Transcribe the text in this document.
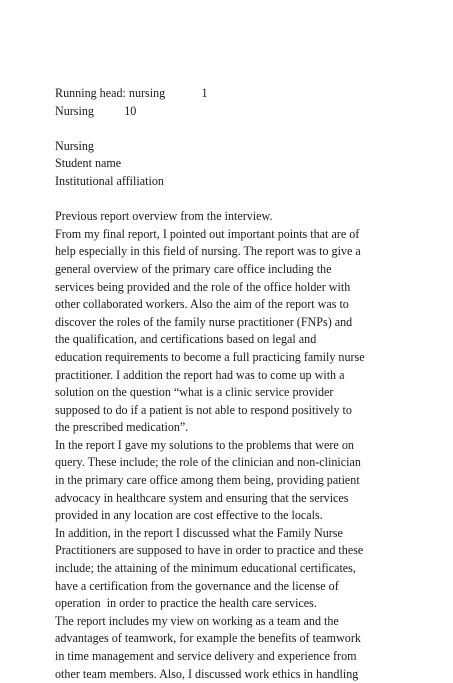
Running head: nursing            1
Nursing          10
Nursing
Student name
Institutional affiliation
Previous report overview from the interview.
From my final report, I pointed out important points that are of
help especially in this field of nursing. The report was to give a
general overview of the primary care office including the
services being provided and the role of the office holder with
other collaborated workers. Also the aim of the report was to
discover the roles of the family nurse practitioner (FNPs) and
the qualification, and certifications based on legal and
education requirements to become a full practicing family nurse
practitioner. I addition the report had was to come up with a
solution on the question “what is a clinic service provider
supposed to do if a patient is not able to respond positively to
the prescribed medication”.
In the report I gave my solutions to the problems that were on
query. These include; the role of the clinician and non-clinician
in the primary care office among them being, providing patient
advocacy in healthcare system and ensuring that the services
provided in any location are cost effective to the locals.
In addition, in the report I discussed what the Family Nurse
Practitioners are supposed to have in order to practice and these
include; the attaining of the minimum educational certificates,
have a certification from the governance and the license of
operation  in order to practice the health care services.
The report includes my view on working as a team and the
advantages of teamwork, for example the benefits of teamwork
in time management and service delivery and experience from
other team members. Also, I discussed work ethics in handling
